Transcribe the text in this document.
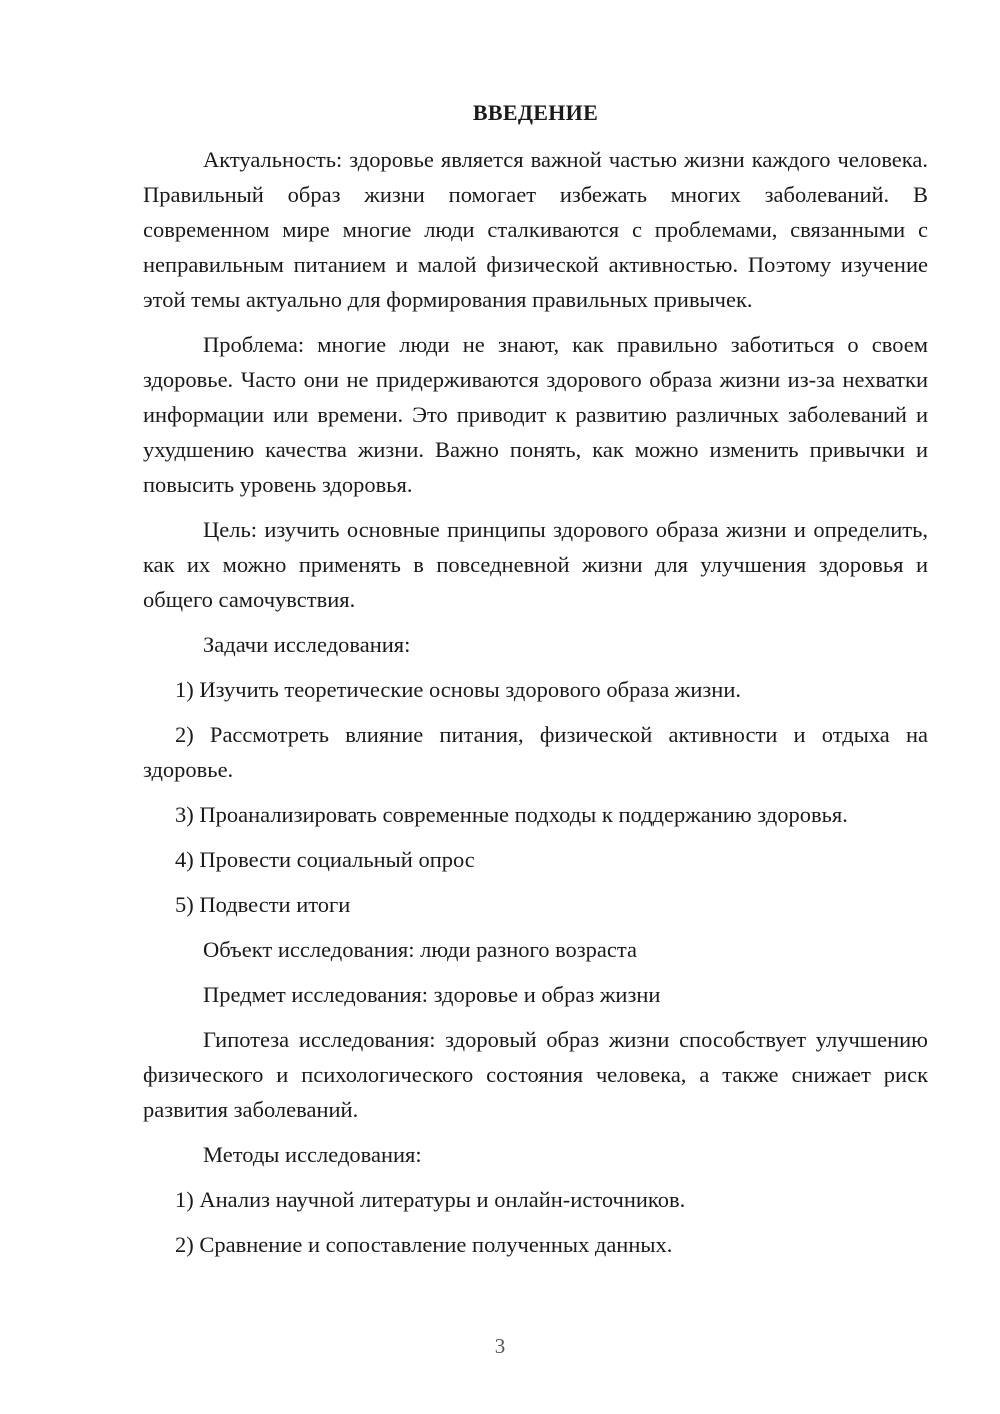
ВВЕДЕНИЕ

Актуальность: здоровье является важной частью жизни каждого человека. Правильный образ жизни помогает избежать многих заболеваний. В современном мире многие люди сталкиваются с проблемами, связанными с неправильным питанием и малой физической активностью. Поэтому изучение этой темы актуально для формирования правильных привычек.

Проблема: многие люди не знают, как правильно заботиться о своем здоровье. Часто они не придерживаются здорового образа жизни из-за нехватки информации или времени. Это приводит к развитию различных заболеваний и ухудшению качества жизни. Важно понять, как можно изменить привычки и повысить уровень здоровья.

Цель: изучить основные принципы здорового образа жизни и определить, как их можно применять в повседневной жизни для улучшения здоровья и общего самочувствия.

Задачи исследования:
1) Изучить теоретические основы здорового образа жизни.
2) Рассмотреть влияние питания, физической активности и отдыха на здоровье.
3) Проанализировать современные подходы к поддержанию здоровья.
4) Провести социальный опрос
5) Подвести итоги
Объект исследования: люди разного возраста
Предмет исследования: здоровье и образ жизни

Гипотеза исследования: здоровый образ жизни способствует улучшению физического и психологического состояния человека, а также снижает риск развития заболеваний.

Методы исследования:
1) Анализ научной литературы и онлайн-источников.
2) Сравнение и сопоставление полученных данных.
3
